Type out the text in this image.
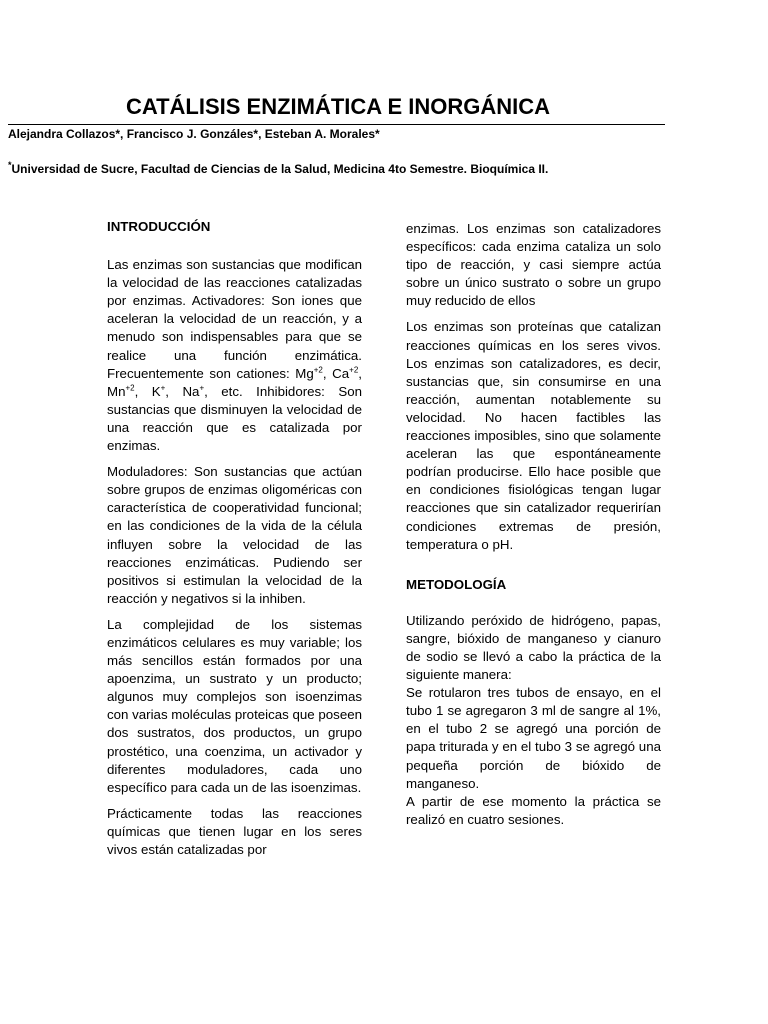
CATÁLISIS ENZIMÁTICA E INORGÁNICA
Alejandra Collazos*, Francisco J. Gonzáles*, Esteban A. Morales*
*Universidad de Sucre, Facultad de Ciencias de la Salud, Medicina 4to Semestre. Bioquímica II.
INTRODUCCIÓN

Las enzimas son sustancias que modifican la velocidad de las reacciones catalizadas por enzimas. Activadores: Son iones que aceleran la velocidad de un reacción, y a menudo son indispensables para que se realice una función enzimática. Frecuentemente son cationes: $Mg^{+2}$, $Ca^{+2}$, $Mn^{+2}$, K+, Na+, etc. Inhibidores: Son sustancias que disminuyen la velocidad de una reacción que es catalizada por enzimas.

Moduladores: Son sustancias que actúan sobre grupos de enzimas oligoméricas con característica de cooperatividad funcional; en las condiciones de la vida de la célula influyen sobre la velocidad de las reacciones enzimáticas. Pudiendo ser positivos si estimulan la velocidad de la reacción y negativos si la inhiben.

La complejidad de los sistemas enzimáticos celulares es muy variable; los más sencillos están formados por una apoenzima, un sustrato y un producto; algunos muy complejos son isoenzimas con varias moléculas proteicas que poseen dos sustratos, dos productos, un grupo prostético, una coenzima, un activador y diferentes moduladores, cada uno específico para cada un de las isoenzimas.

Prácticamente todas las reacciones químicas que tienen lugar en los seres vivos están catalizadas por

enzimas. Los enzimas son catalizadores específicos: cada enzima cataliza un solo tipo de reacción, y casi siempre actúa sobre un único sustrato o sobre un grupo muy reducido de ellos

Los enzimas son proteínas que catalizan reacciones químicas en los seres vivos. Los enzimas son catalizadores, es decir, sustancias que, sin consumirse en una reacción, aumentan notablemente su velocidad. No hacen factibles las reacciones imposibles, sino que solamente aceleran las que espontáneamente podrían producirse. Ello hace posible que en condiciones fisiológicas tengan lugar reacciones que sin catalizador requerirían condiciones extremas de presión, temperatura o pH.

METODOLOGÍA

Utilizando peróxido de hidrógeno, papas, sangre, bióxido de manganeso y cianuro de sodio se llevó a cabo la práctica de la siguiente manera:

Se rotularon tres tubos de ensayo, en el tubo 1 se agregaron 3 ml de sangre al 1%, en el tubo 2 se agregó una porción de papa triturada y en el tubo 3 se agregó una pequeña porción de bióxido de manganeso.

A partir de ese momento la práctica se realizó en cuatro sesiones.
